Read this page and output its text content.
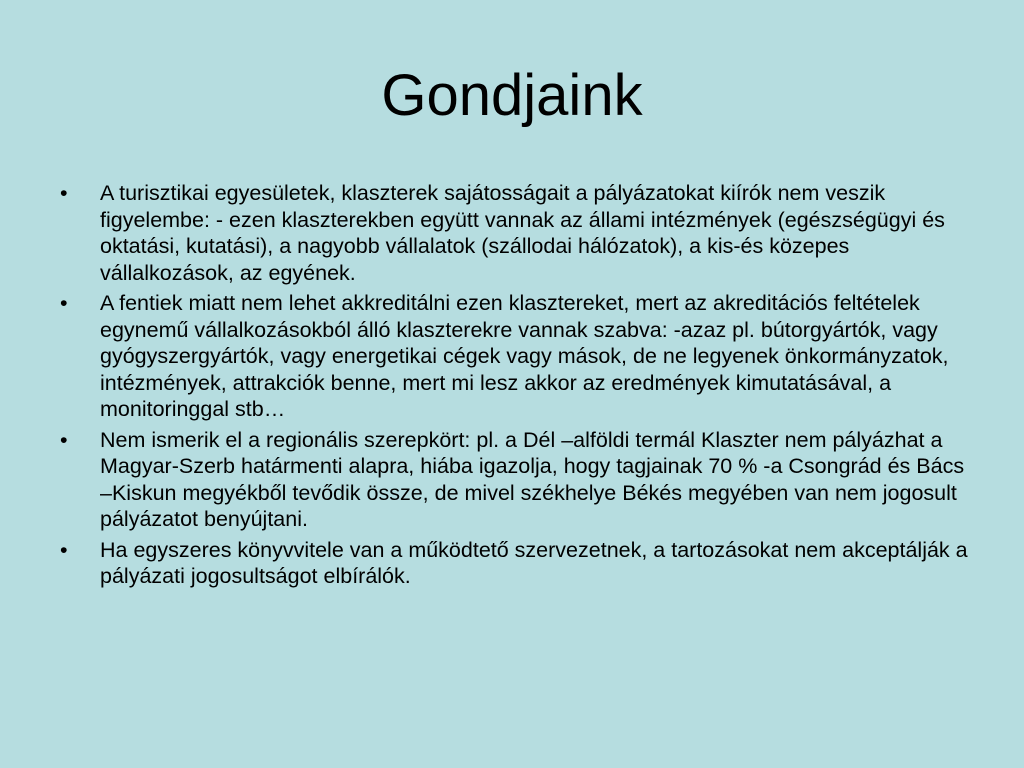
Gondjaink
• A turisztikai egyesületek, klaszterek sajátosságait a pályázatokat kiírók nem veszik figyelembe: - ezen klaszterekben együtt vannak az állami intézmények (egészségügyi és oktatási, kutatási), a nagyobb vállalatok (szállodai hálózatok), a kis-és közepes vállalkozások, az egyének.
• A fentiek miatt nem lehet akkreditálni ezen klasztereket, mert az akreditációs feltételek egynemű vállalkozásokból álló klaszterekre vannak szabva: -azaz pl. bútorgyártók, vagy gyógyszergyártók, vagy energetikai cégek vagy mások, de ne legyenek önkormányzatok, intézmények, attrakciók benne, mert mi lesz akkor az eredmények kimutatásával, a monitoringgal stb…
• Nem ismerik el a regionális szerepkört: pl. a Dél –alföldi termál Klaszter nem pályázhat a Magyar-Szerb határmenti alapra, hiába igazolja, hogy tagjainak 70 % -a Csongrád és Bács –Kiskun megyékből tevődik össze, de mivel székhelye Békés megyében van nem jogosult pályázatot benyújtani.
• Ha egyszeres könyvvitele van a működtető szervezetnek, a tartozásokat nem akceptálják a pályázati jogosultságot elbírálók.
